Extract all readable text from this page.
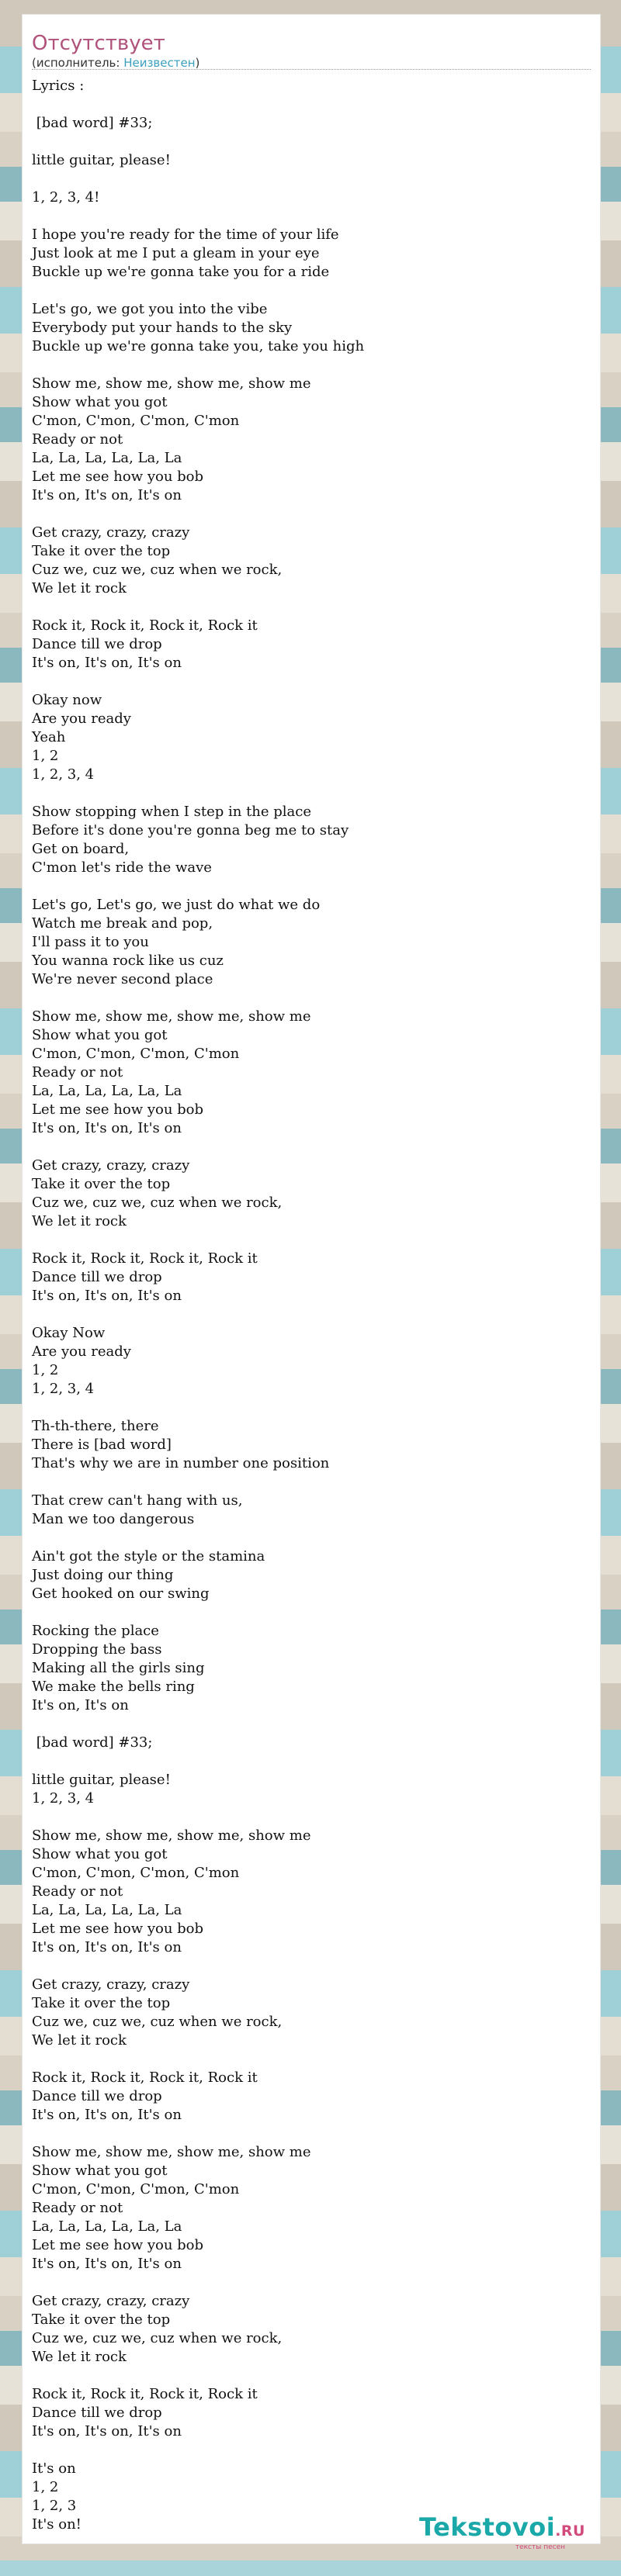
Отсутствует
(исполнитель: Неизвестен)
Lyrics :

[bad word] #33;

little guitar, please!

1, 2, 3, 4!

I hope you're ready for the time of your life
Just look at me I put a gleam in your eye
Buckle up we're gonna take you for a ride

Let's go, we got you into the vibe
Everybody put your hands to the sky
Buckle up we're gonna take you, take you high

Show me, show me, show me, show me
Show what you got
C'mon, C'mon, C'mon, C'mon
Ready or not
La, La, La, La, La, La
Let me see how you bob
It's on, It's on, It's on

Get crazy, crazy, crazy
Take it over the top
Cuz we, cuz we, cuz when we rock,
We let it rock

Rock it, Rock it, Rock it, Rock it
Dance till we drop
It's on, It's on, It's on

Okay now
Are you ready
Yeah
1, 2
1, 2, 3, 4

Show stopping when I step in the place
Before it's done you're gonna beg me to stay
Get on board,
C'mon let's ride the wave

Let's go, Let's go, we just do what we do
Watch me break and pop,
I'll pass it to you
You wanna rock like us cuz
We're never second place

Show me, show me, show me, show me
Show what you got
C'mon, C'mon, C'mon, C'mon
Ready or not
La, La, La, La, La, La
Let me see how you bob
It's on, It's on, It's on

Get crazy, crazy, crazy
Take it over the top
Cuz we, cuz we, cuz when we rock,
We let it rock

Rock it, Rock it, Rock it, Rock it
Dance till we drop
It's on, It's on, It's on

Okay Now
Are you ready
1, 2
1, 2, 3, 4

Th-th-there, there
There is [bad word]
That's why we are in number one position

That crew can't hang with us,
Man we too dangerous

Ain't got the style or the stamina
Just doing our thing
Get hooked on our swing

Rocking the place
Dropping the bass
Making all the girls sing
We make the bells ring
It's on, It's on

[bad word] #33;

little guitar, please!
1, 2, 3, 4

Show me, show me, show me, show me
Show what you got
C'mon, C'mon, C'mon, C'mon
Ready or not
La, La, La, La, La, La
Let me see how you bob
It's on, It's on, It's on

Get crazy, crazy, crazy
Take it over the top
Cuz we, cuz we, cuz when we rock,
We let it rock

Rock it, Rock it, Rock it, Rock it
Dance till we drop
It's on, It's on, It's on

Show me, show me, show me, show me
Show what you got
C'mon, C'mon, C'mon, C'mon
Ready or not
La, La, La, La, La, La
Let me see how you bob
It's on, It's on, It's on

Get crazy, crazy, crazy
Take it over the top
Cuz we, cuz we, cuz when we rock,
We let it rock

Rock it, Rock it, Rock it, Rock it
Dance till we drop
It's on, It's on, It's on

It's on
1, 2
1, 2, 3
It's on!	Tekstovoi.RU
тексты песен
